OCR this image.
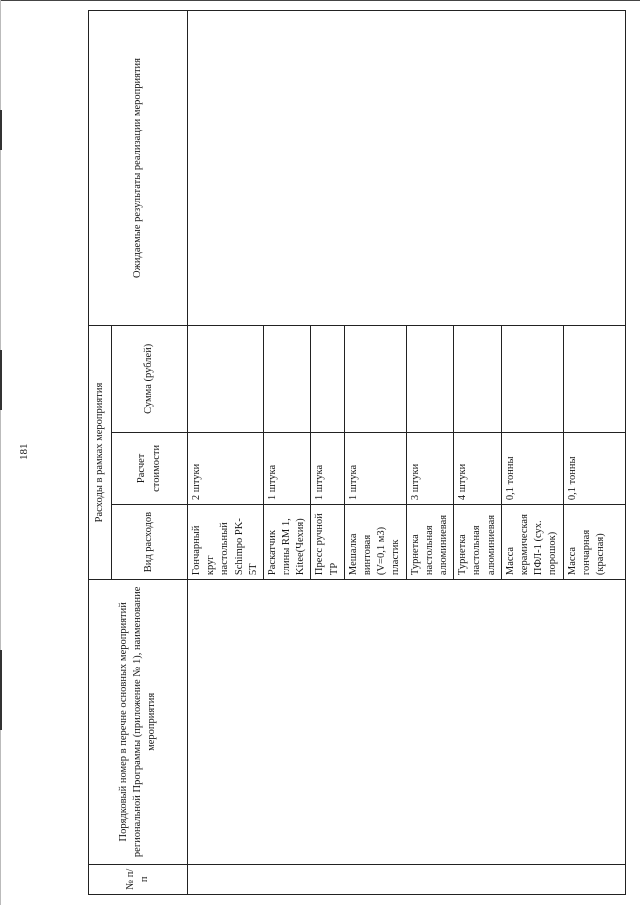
181
№ п/п	Порядковый номер в перечне основных мероприятий региональной Программы (приложение № 1), наименование мероприятия	Расходы в рамках мероприятия			Ожидаемые результаты реализации мероприятия
		Вид расходов	Расчет стоимости	Сумма (рублей)	
		Гончарный круг настольный Schimpo PK-5T	2 штуки		
		Раскатчик глины RM 1, Kitee(Чехия)	1 штука		
		Пресс ручной ТР	1 штука		
		Мешалка винтовая (V=0,1 м3) пластик	1 штука		
		Турнетка настольная алюминиевая	3 штуки		
		Турнетка настольная алюминиевая	4 штуки		
		Масса керамическая ПФЛ-1 (сух. порошок)	0,1 тонны		
		Масса гончарная (красная)	0,1 тонны		
